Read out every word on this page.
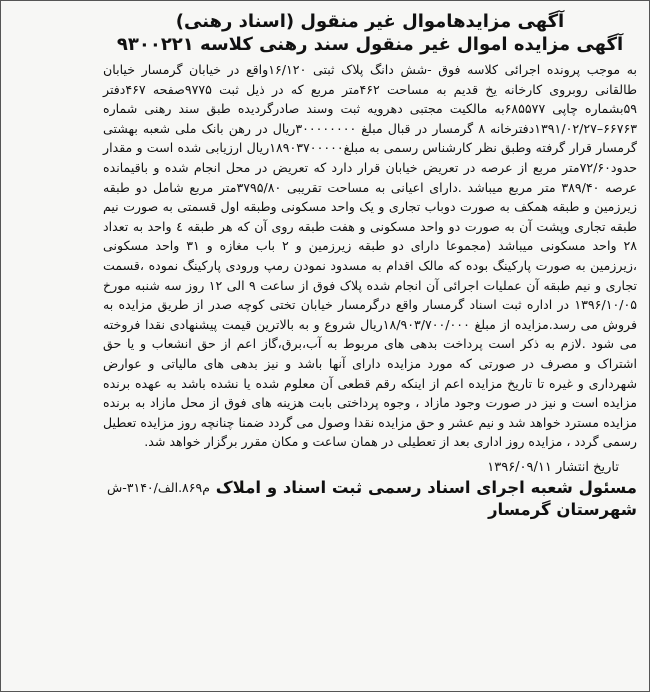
آگهی مزایدهاموال غیر منقول (اسناد رهنی)
آگهی مزایده اموال غیر منقول سند رهنی کلاسه ۹۳۰۰۲۲۱

به موجب پرونده اجرائی کلاسه فوق -شش دانگ پلاک ثبتی ۱۶/۱۲۰واقع در خیابان گرمسار خیابان طالقانی روبروی کارخانه یخ قدیم به مساحت ۴۶۲متر مربع که در ذیل ثبت ۹۷۷۵صفحه ۴۶۷دفتر ۵۹بشماره چاپی ۶۸۵۵۷۷به مالکیت مجتبی دهرویه ثبت وسند صادرگردیده طبق سند رهنی شماره ۶۶۷۶۳–۱۳۹۱/۰۲/۲۷دفترخانه ۸ گرمسار در قبال مبلغ ۳۰۰۰۰۰۰۰۰ریال در رهن بانک ملی شعبه بهشتی گرمسار قرار گرفته وطبق نظر کارشناس رسمی به مبلغ۱۸۹۰۳۷۰۰۰۰۰ریال ارزیابی شده است و مقدار حدود۷۲/۶۰متر مربع از عرصه در تعریض خیابان قرار دارد که تعریض در محل انجام شده و باقیمانده عرصه ۳۸۹/۴۰ متر مربع میباشد .دارای اعیانی به مساحت تقریبی ۳۷۹۵/۸۰متر مربع شامل دو طبقه زیرزمین و طبقه همکف به صورت دوباب تجاری و یک واحد مسکونی وطبقه اول قسمتی به صورت نیم طبقه تجاری وپشت آن به صورت دو واحد مسکونی و هفت طبقه روی آن که هر طبقه ٤ واحد به تعداد ۲۸ واحد مسکونی میباشد (مجموعا دارای دو طبقه زیرزمین و ۲ باب مغازه و ۳۱ واحد مسکونی ،زیرزمین به صورت پارکینگ بوده که مالک اقدام به مسدود نمودن رمپ ورودی پارکینگ نموده ،قسمت تجاری و نیم طبقه آن عملیات اجرائی آن انجام شده پلاک فوق از ساعت ۹ الی ۱۲ روز سه شنبه مورخ ۱۳۹۶/۱۰/۰۵ در اداره ثبت اسناد گرمسار واقع درگرمسار خیابان تختی کوچه صدر از طریق مزایده به فروش می رسد.مزایده از مبلغ ۱۸/۹۰۳/۷۰۰/۰۰۰ریال شروع و به بالاترین قیمت پیشنهادی نقدا فروخته می شود .لازم به ذکر است پرداخت بدهی های مربوط به آب،برق،گاز اعم از حق انشعاب و یا حق اشتراک و مصرف در صورتی که مورد مزایده دارای آنها باشد و نیز بدهی های مالیاتی و عوارض شهرداری و غیره تا تاریخ مزایده اعم از اینکه رقم قطعی آن معلوم شده یا نشده باشد به عهده برنده مزایده است و نیز در صورت وجود مازاد ، وجوه پرداختی بابت هزینه های فوق از محل مازاد به برنده مزایده مسترد خواهد شد و نیم عشر و حق مزایده نقدا وصول می گردد ضمنا چنانچه روز مزایده تعطیل رسمی گردد ، مزایده روز اداری بعد از تعطیلی در همان ساعت و مکان مقرر برگزار خواهد شد.

تاریخ انتشار ۱۳۹۶/۰۹/۱۱
مسئول شعبه اجرای اسناد رسمی ثبت اسناد و املاک
شهرستان گرمسار
م۸۶۹.الف/۳۱۴۰-ش
